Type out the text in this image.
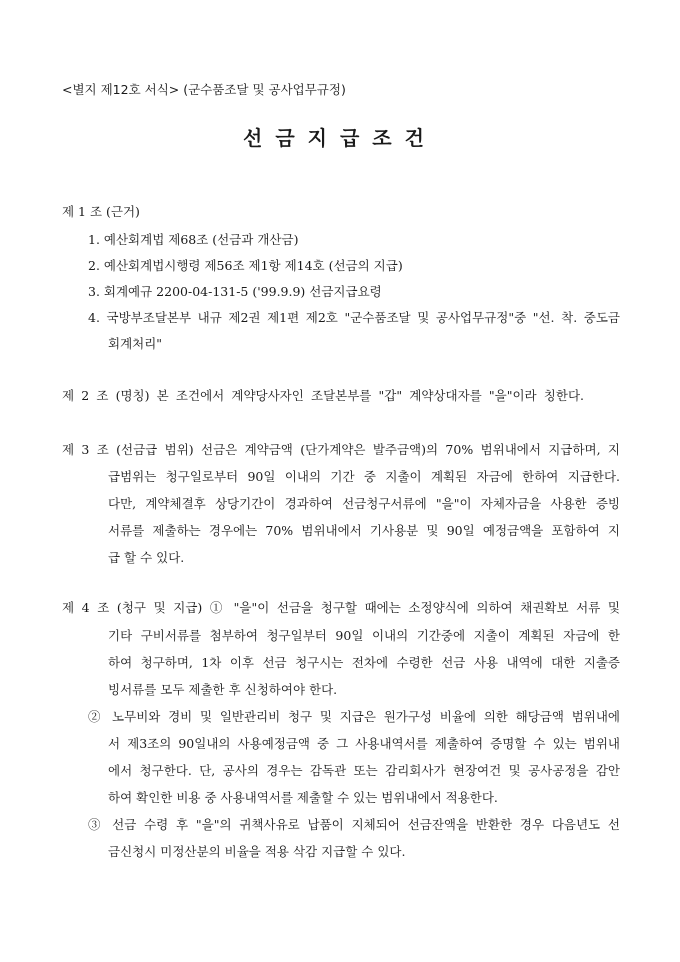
<별지 제12호 서식> (군수품조달 및 공사업무규정)
선금지급조건
제 1 조 (근거)
1. 예산회계법 제68조 (선금과 개산금)
2. 예산회계법시행령 제56조 제1항 제14호 (선금의 지급)
3. 회계예규 2200-04-131-5 ('99.9.9) 선금지급요령
4. 국방부조달본부 내규 제2권 제1편 제2호 "군수품조달 및 공사업무규정"중 "선. 착. 중도금
회계처리"
제 2 조 (명칭) 본 조건에서 계약당사자인 조달본부를 "갑" 계약상대자를 "을"이라 칭한다.
제 3 조 (선금급 범위) 선금은 계약금액 (단가계약은 발주금액)의 70% 범위내에서 지급하며, 지
급범위는 청구일로부터 90일 이내의 기간 중 지출이 계획된 자금에 한하여 지급한다.
다만, 계약체결후 상당기간이 경과하여 선금청구서류에 "을"이 자체자금을 사용한 증빙
서류를 제출하는 경우에는 70% 범위내에서 기사용분 및 90일 예정금액을 포함하여 지
급 할 수 있다.
제 4 조 (청구 및 지급) ① "을"이 선금을 청구할 때에는 소정양식에 의하여 채권확보 서류 및
기타 구비서류를 첨부하여 청구일부터 90일 이내의 기간중에 지출이 계획된 자금에 한
하여 청구하며, 1차 이후 선금 청구시는 전차에 수령한 선금 사용 내역에 대한 지출증
빙서류를 모두 제출한 후 신청하여야 한다.
② 노무비와 경비 및 일반관리비 청구 및 지급은 원가구성 비율에 의한 해당금액 범위내에
서 제3조의 90일내의 사용예정금액 중 그 사용내역서를 제출하여 증명할 수 있는 범위내
에서 청구한다. 단, 공사의 경우는 감독관 또는 감리회사가 현장여건 및 공사공정을 감안
하여 확인한 비용 중 사용내역서를 제출할 수 있는 범위내에서 적용한다.
③ 선금 수령 후 "을"의 귀책사유로 납품이 지체되어 선금잔액을 반환한 경우 다음년도 선
금신청시 미정산분의 비율을 적용 삭감 지급할 수 있다.
